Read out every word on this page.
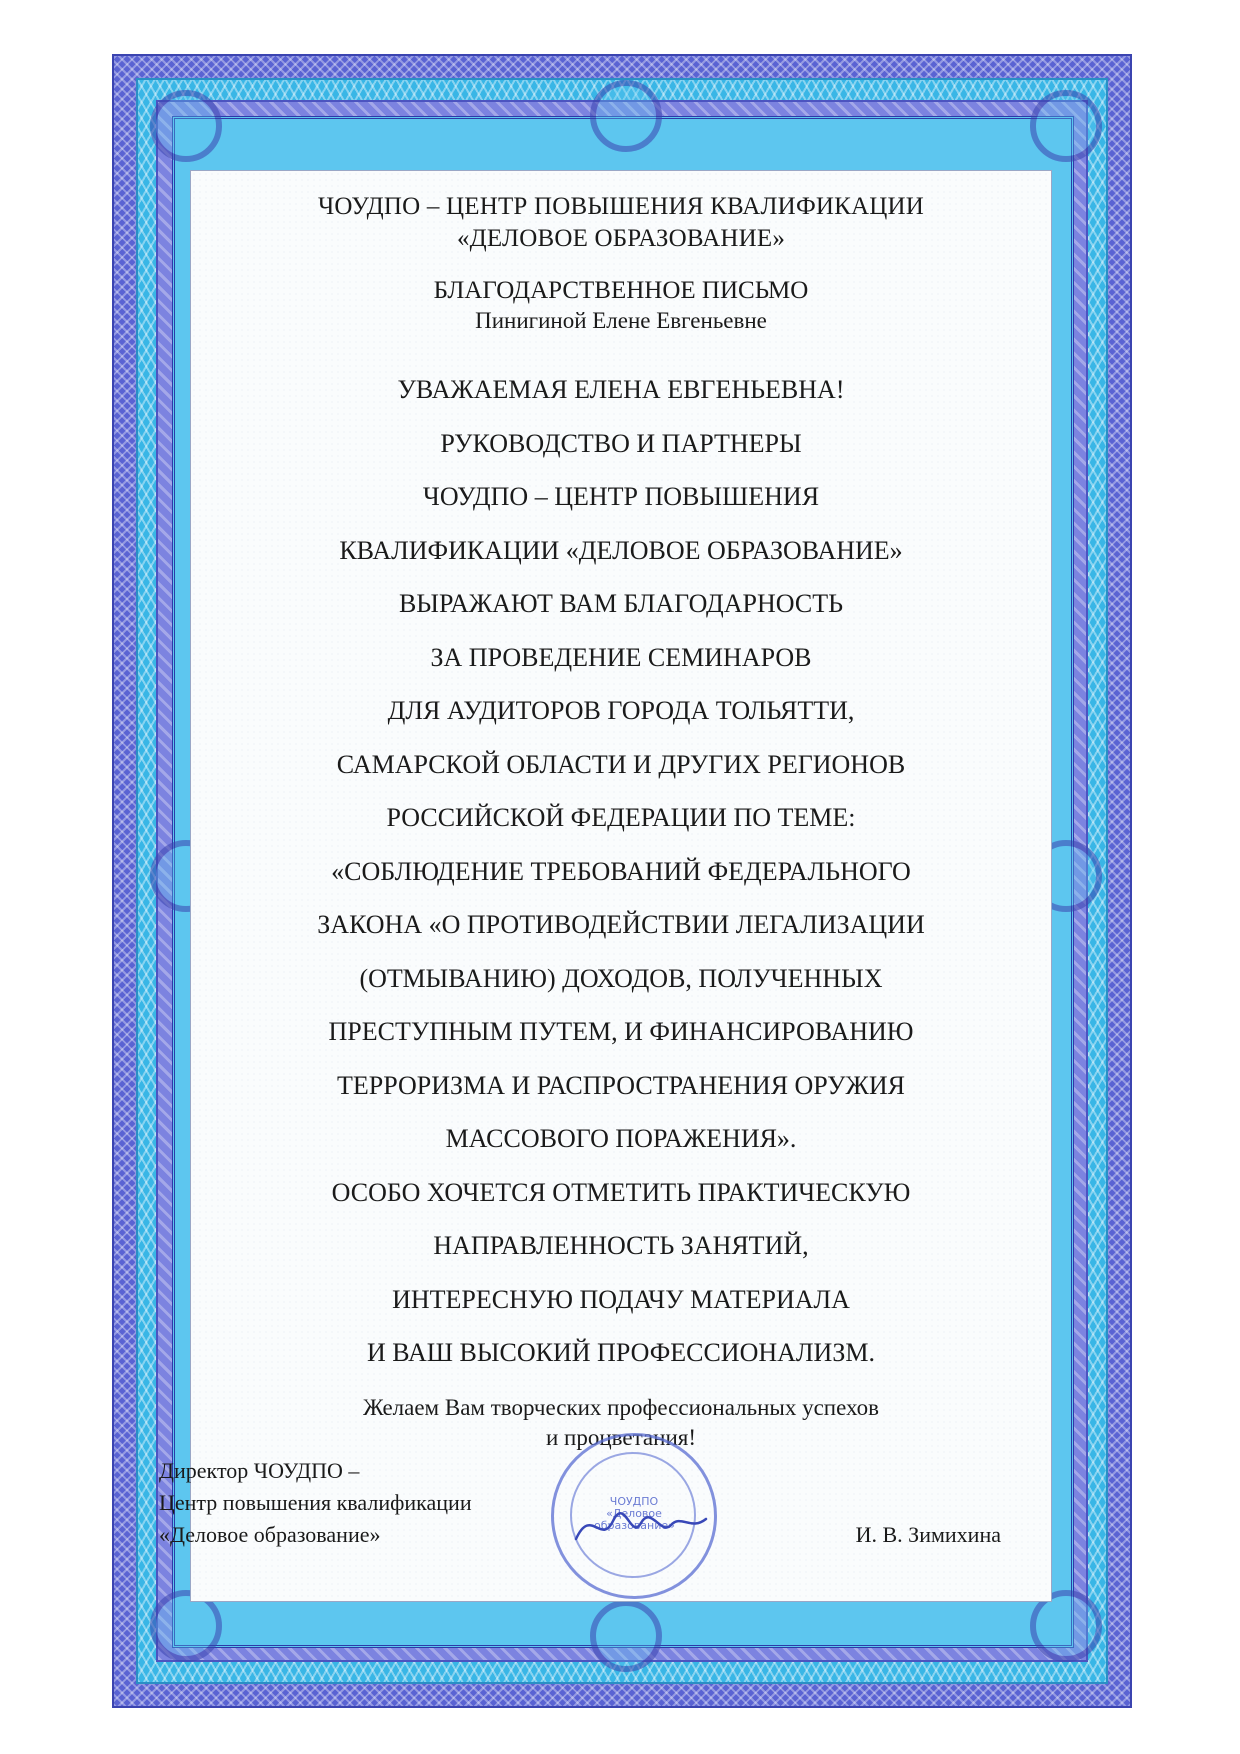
ЧОУДПО – ЦЕНТР ПОВЫШЕНИЯ КВАЛИФИКАЦИИ
«ДЕЛОВОЕ ОБРАЗОВАНИЕ»
БЛАГОДАРСТВЕННОЕ ПИСЬМО
Пинигиной Елене Евгеньевне
УВАЖАЕМАЯ ЕЛЕНА ЕВГЕНЬЕВНА!
РУКОВОДСТВО И ПАРТНЕРЫ
ЧОУДПО – ЦЕНТР ПОВЫШЕНИЯ
КВАЛИФИКАЦИИ «ДЕЛОВОЕ ОБРАЗОВАНИЕ»
ВЫРАЖАЮТ ВАМ БЛАГОДАРНОСТЬ
ЗА ПРОВЕДЕНИЕ СЕМИНАРОВ
ДЛЯ АУДИТОРОВ ГОРОДА ТОЛЬЯТТИ,
САМАРСКОЙ ОБЛАСТИ И ДРУГИХ РЕГИОНОВ
РОССИЙСКОЙ ФЕДЕРАЦИИ ПО ТЕМЕ:
«СОБЛЮДЕНИЕ ТРЕБОВАНИЙ ФЕДЕРАЛЬНОГО
ЗАКОНА «О ПРОТИВОДЕЙСТВИИ ЛЕГАЛИЗАЦИИ
(ОТМЫВАНИЮ) ДОХОДОВ, ПОЛУЧЕННЫХ
ПРЕСТУПНЫМ ПУТЕМ, И ФИНАНСИРОВАНИЮ
ТЕРРОРИЗМА И РАСПРОСТРАНЕНИЯ ОРУЖИЯ
МАССОВОГО ПОРАЖЕНИЯ».
ОСОБО ХОЧЕТСЯ ОТМЕТИТЬ ПРАКТИЧЕСКУЮ
НАПРАВЛЕННОСТЬ ЗАНЯТИЙ,
ИНТЕРЕСНУЮ ПОДАЧУ МАТЕРИАЛА
И ВАШ ВЫСОКИЙ ПРОФЕССИОНАЛИЗМ.
Желаем Вам творческих профессиональных успехов
и процветания!
ЧОУДПО «Деловое образование»
Директор ЧОУДПО –
Центр повышения квалификации
«Деловое образование»	И. В. Зимихина
